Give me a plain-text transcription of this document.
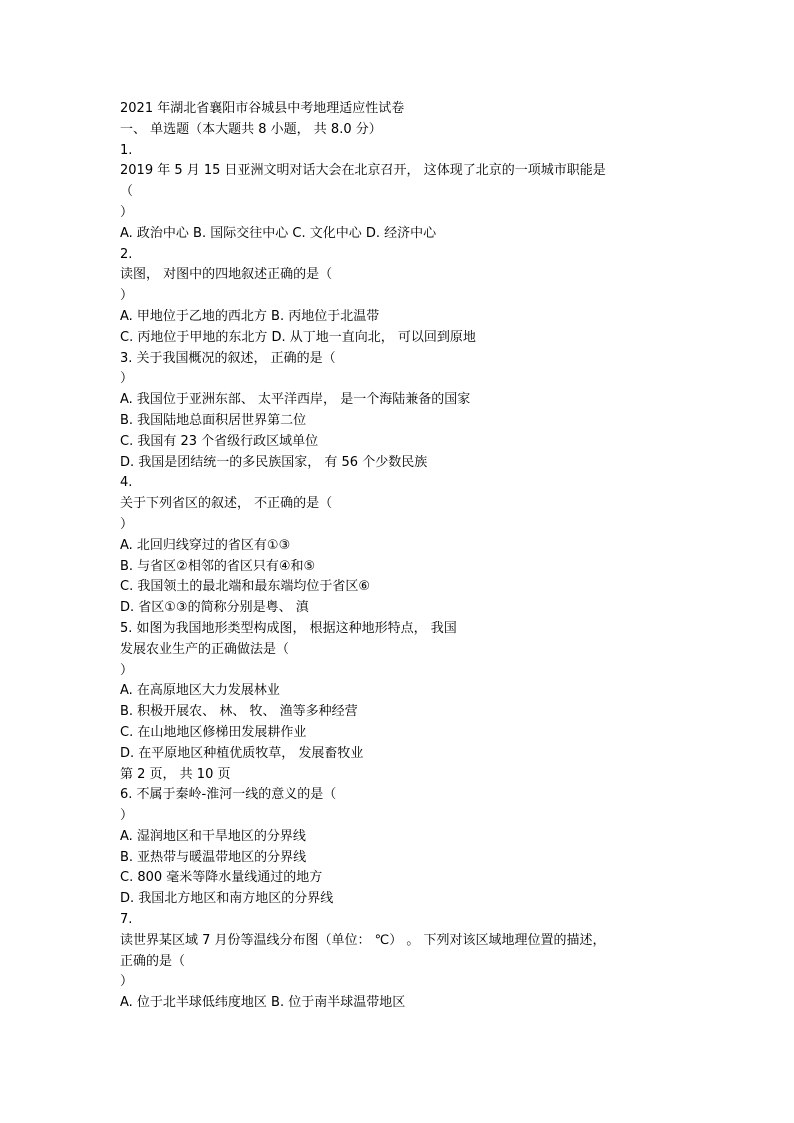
2021 年湖北省襄阳市谷城县中考地理适应性试卷
一、 单选题（本大题共 8 小题， 共 8.0 分）
1.
2019 年 5 月 15 日亚洲文明对话大会在北京召开， 这体现了北京的一项城市职能是
（
）
A. 政治中心 B. 国际交往中心 C. 文化中心 D. 经济中心
2.
读图， 对图中的四地叙述正确的是（
）
A. 甲地位于乙地的西北方 B. 丙地位于北温带
C. 丙地位于甲地的东北方 D. 从丁地一直向北， 可以回到原地
3. 关于我国概况的叙述， 正确的是（
）
A. 我国位于亚洲东部、 太平洋西岸， 是一个海陆兼备的国家
B. 我国陆地总面积居世界第二位
C. 我国有 23 个省级行政区域单位
D. 我国是团结统一的多民族国家， 有 56 个少数民族
4.
关于下列省区的叙述， 不正确的是（
）
A. 北回归线穿过的省区有①③
B. 与省区②相邻的省区只有④和⑤
C. 我国领土的最北端和最东端均位于省区⑥
D. 省区①③的简称分别是粤、 滇
5. 如图为我国地形类型构成图， 根据这种地形特点， 我国
发展农业生产的正确做法是（
）
A. 在高原地区大力发展林业
B. 积极开展农、 林、 牧、 渔等多种经营
C. 在山地地区修梯田发展耕作业
D. 在平原地区种植优质牧草， 发展畜牧业
第 2 页， 共 10 页
6. 不属于秦岭-淮河一线的意义的是（
）
A. 湿润地区和干旱地区的分界线
B. 亚热带与暖温带地区的分界线
C. 800 毫米等降水量线通过的地方
D. 我国北方地区和南方地区的分界线
7.
读世界某区域 7 月份等温线分布图（单位： ℃） 。 下列对该区域地理位置的描述，
正确的是（
）
A. 位于北半球低纬度地区 B. 位于南半球温带地区
